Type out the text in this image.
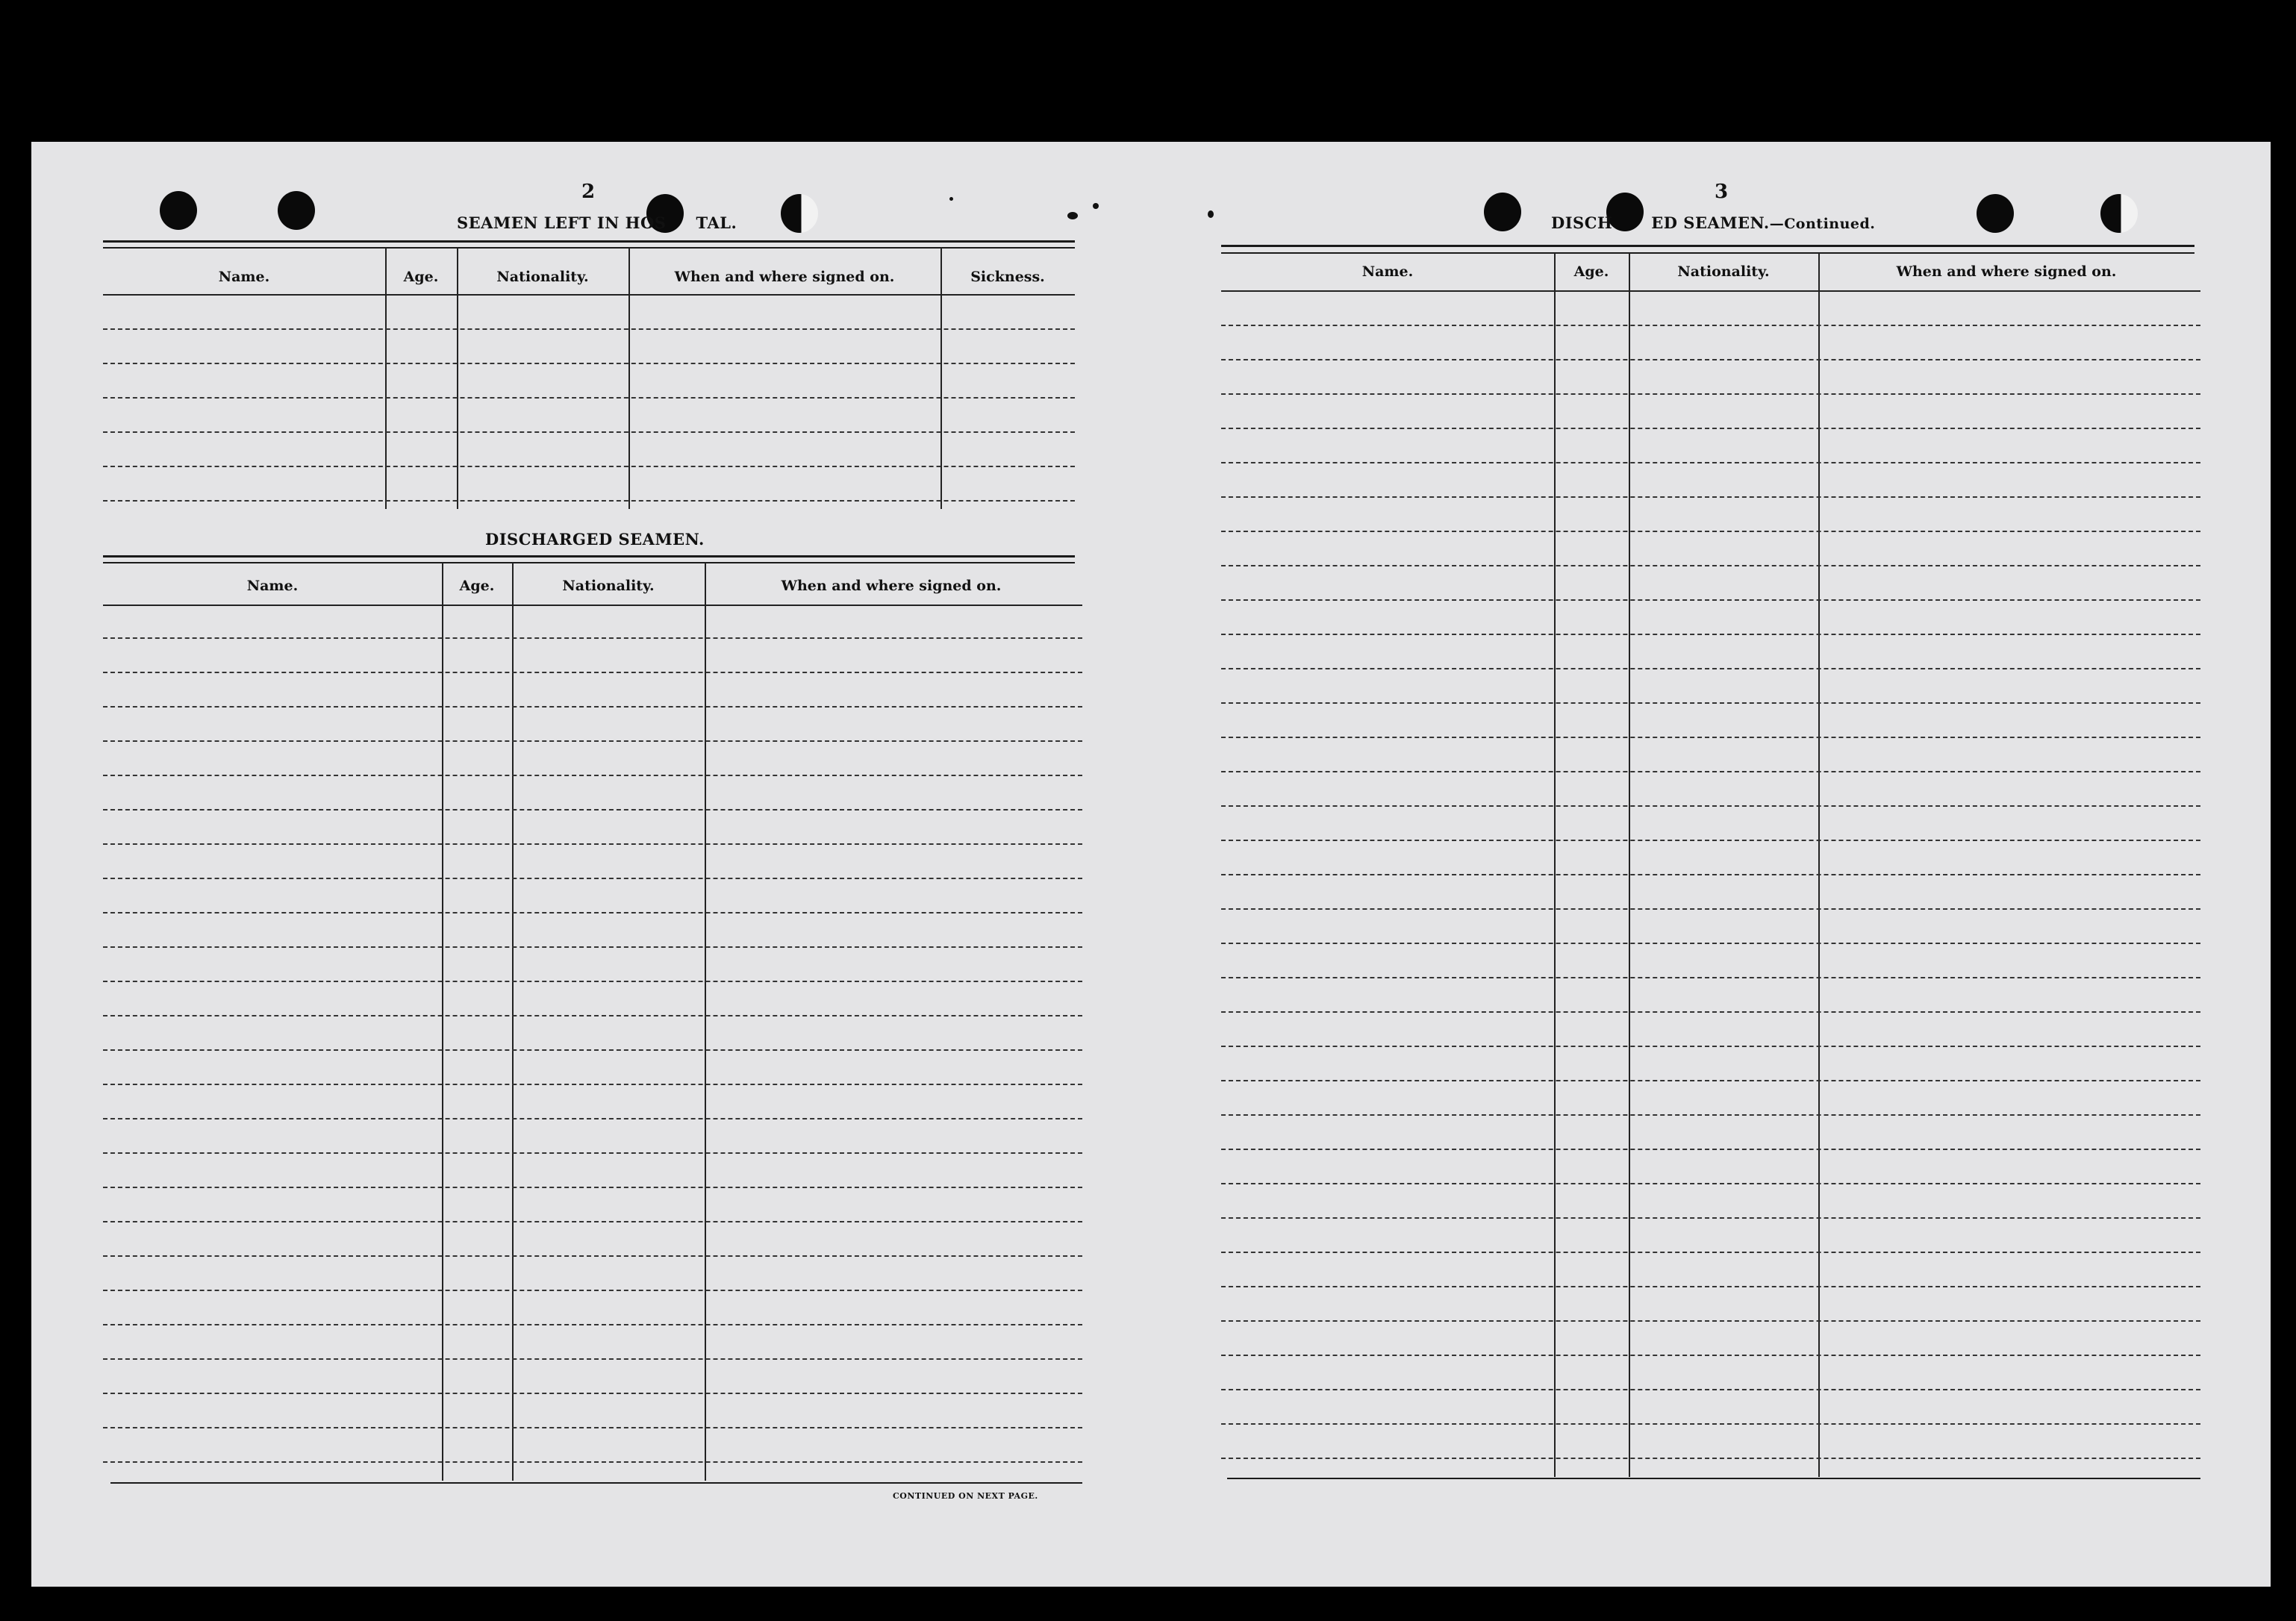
2
SEAMEN LEFT IN HOS TAL.
Name.	Age.	Nationality.	When and where signed on.	Sickness.
DISCHARGED SEAMEN.
Name.	Age.	Nationality.	When and where signed on.
CONTINUED ON NEXT PAGE.
3
DISCH ED SEAMEN.—Continued.
Name.	Age.	Nationality.	When and where signed on.
